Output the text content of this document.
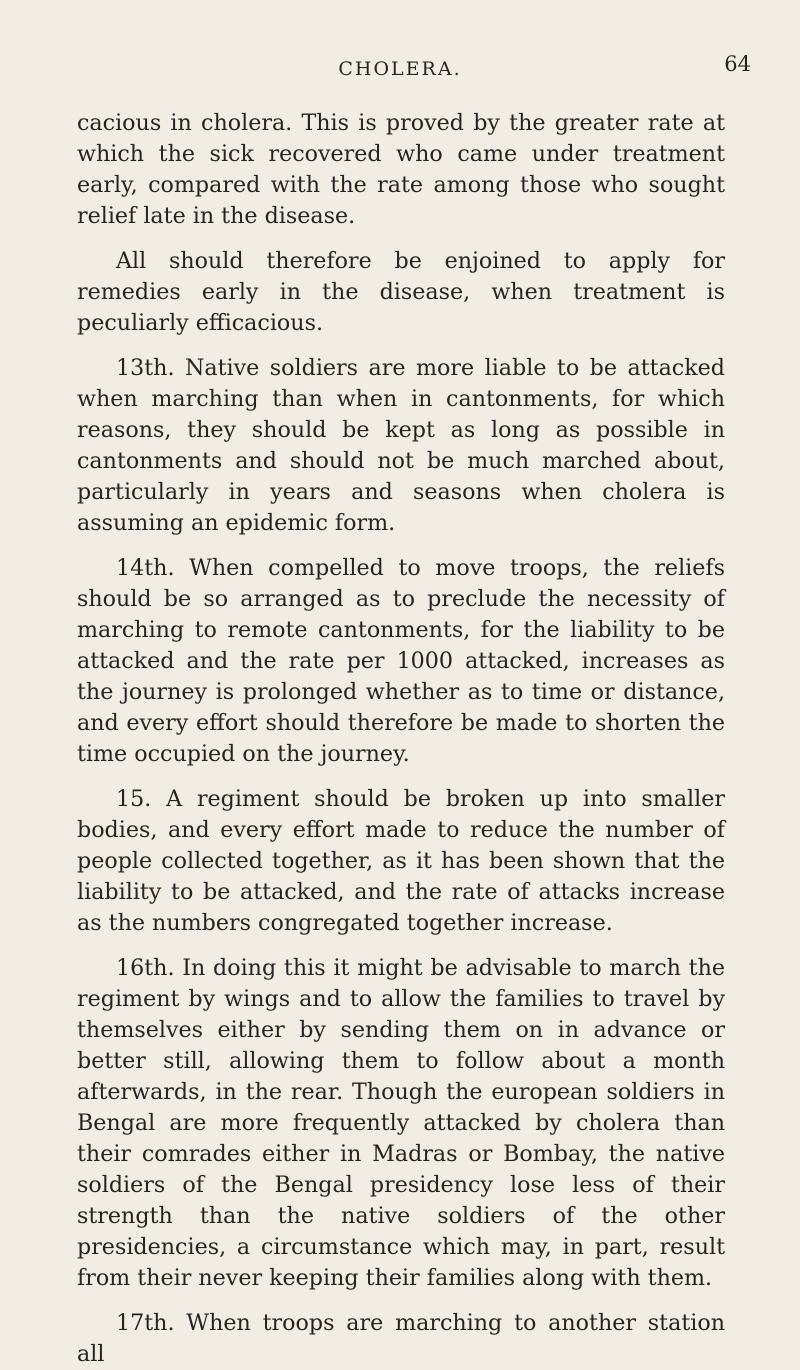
CHOLERA.	64

cacious in cholera. This is proved by the greater rate at which the sick recovered who came under treatment early, compared with the rate among those who sought relief late in the disease.

All should therefore be enjoined to apply for remedies early in the disease, when treatment is peculiarly efficacious.

13th. Native soldiers are more liable to be attacked when marching than when in cantonments, for which reasons, they should be kept as long as possible in cantonments and should not be much marched about, particularly in years and seasons when cholera is assuming an epidemic form.

14th. When compelled to move troops, the reliefs should be so arranged as to preclude the necessity of marching to remote cantonments, for the liability to be attacked and the rate per 1000 attacked, increases as the journey is prolonged whether as to time or distance, and every effort should therefore be made to shorten the time occupied on the journey.

15. A regiment should be broken up into smaller bodies, and every effort made to reduce the number of people collected together, as it has been shown that the liability to be attacked, and the rate of attacks increase as the numbers congregated together increase.

16th. In doing this it might be advisable to march the regiment by wings and to allow the families to travel by themselves either by sending them on in advance or better still, allowing them to follow about a month afterwards, in the rear. Though the european soldiers in Bengal are more frequently attacked by cholera than their comrades either in Madras or Bombay, the native soldiers of the Bengal presidency lose less of their strength than the native soldiers of the other presidencies, a circumstance which may, in part, result from their never keeping their families along with them.

17th. When troops are marching to another station all
